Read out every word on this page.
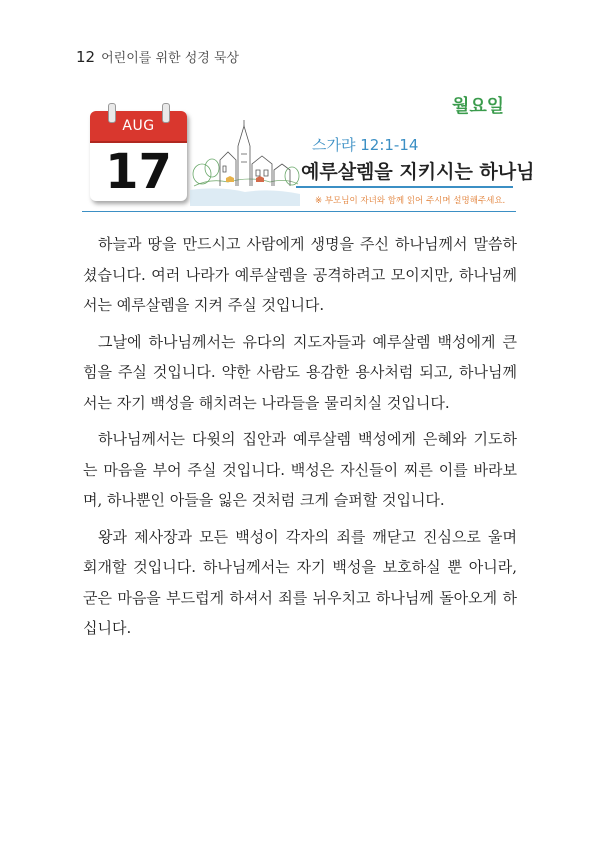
12 어린이를 위한 성경 묵상
월요일
AUG
17	스가랴 12:1-14
예루살렘을 지키시는 하나님
※ 부모님이 자녀와 함께 읽어 주시며 설명해주세요.

하늘과 땅을 만드시고 사람에게 생명을 주신 하나님께서 말씀하셨습니다. 여러 나라가 예루살렘을 공격하려고 모이지만, 하나님께서는 예루살렘을 지켜 주실 것입니다.

그날에 하나님께서는 유다의 지도자들과 예루살렘 백성에게 큰 힘을 주실 것입니다. 약한 사람도 용감한 용사처럼 되고, 하나님께서는 자기 백성을 해치려는 나라들을 물리치실 것입니다.

하나님께서는 다윗의 집안과 예루살렘 백성에게 은혜와 기도하는 마음을 부어 주실 것입니다. 백성은 자신들이 찌른 이를 바라보며, 하나뿐인 아들을 잃은 것처럼 크게 슬퍼할 것입니다.

왕과 제사장과 모든 백성이 각자의 죄를 깨닫고 진심으로 울며 회개할 것입니다. 하나님께서는 자기 백성을 보호하실 뿐 아니라, 굳은 마음을 부드럽게 하셔서 죄를 뉘우치고 하나님께 돌아오게 하십니다.
